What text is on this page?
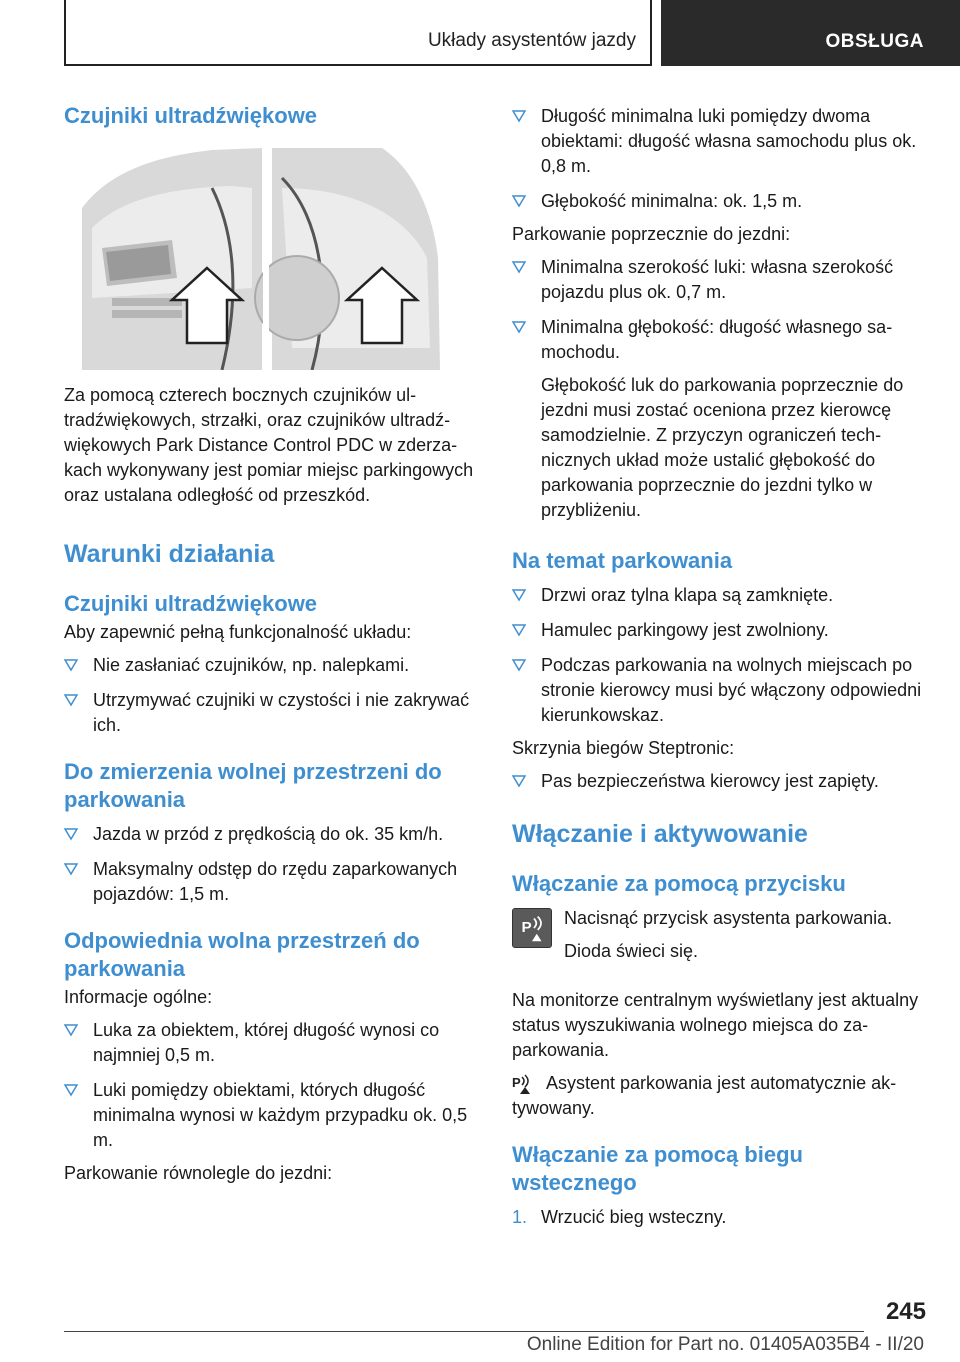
Układy asystentów jazdy	OBSŁUGA
Czujniki ultradźwiękowe

Za pomocą czterech bocznych czujników ultradźwiękowych, strzałki, oraz czujników ultradźwiękowych Park Distance Control PDC w zderzakach wykonywany jest pomiar miejsc parkingowych oraz ustalana odległość od przeszkód.

Warunki działania
Czujniki ultradźwiękowe

Aby zapewnić pełną funkcjonalność układu:

Nie zasłaniać czujników, np. nalepkami.
Utrzymywać czujniki w czystości i nie zakrywać ich.
Do zmierzenia wolnej przestrzeni do parkowania
Jazda w przód z prędkością do ok. 35 km/h.
Maksymalny odstęp do rzędu zaparkowanych pojazdów: 1,5 m.
Odpowiednia wolna przestrzeń do parkowania

Informacje ogólne:

Luka za obiektem, której długość wynosi co najmniej 0,5 m.
Luki pomiędzy obiektami, których długość minimalna wynosi w każdym przypadku ok. 0,5 m.

Parkowanie równolegle do jezdni:

Długość minimalna luki pomiędzy dwoma obiektami: długość własna samochodu plus ok. 0,8 m.
Głębokość minimalna: ok. 1,5 m.

Parkowanie poprzecznie do jezdni:

Minimalna szerokość luki: własna szerokość pojazdu plus ok. 0,7 m.
Minimalna głębokość: długość własnego samochodu.

Głębokość luk do parkowania poprzecznie do jezdni musi zostać oceniona przez kierowcę samodzielnie. Z przyczyn ograniczeń technicznych układ może ustalić głębokość do parkowania poprzecznie do jezdni tylko w przybliżeniu.

Na temat parkowania
Drzwi oraz tylna klapa są zamknięte.
Hamulec parkingowy jest zwolniony.
Podczas parkowania na wolnych miejscach po stronie kierowcy musi być włączony odpowiedni kierunkowskaz.

Skrzynia biegów Steptronic:

Pas bezpieczeństwa kierowcy jest zapięty.
Włączanie i aktywowanie
Włączanie za pomocą przycisku
P Nacisnąć przycisk asystenta parkowania.

Dioda świeci się.

Na monitorze centralnym wyświetlany jest aktualny status wyszukiwania wolnego miejsca do zaparkowania.

P	Asystent parkowania jest automatycznie aktywowany.

Włączanie za pomocą biegu wstecznego
1. Wrzucić bieg wsteczny.
245
Online Edition for Part no. 01405A035B4 - II/20
